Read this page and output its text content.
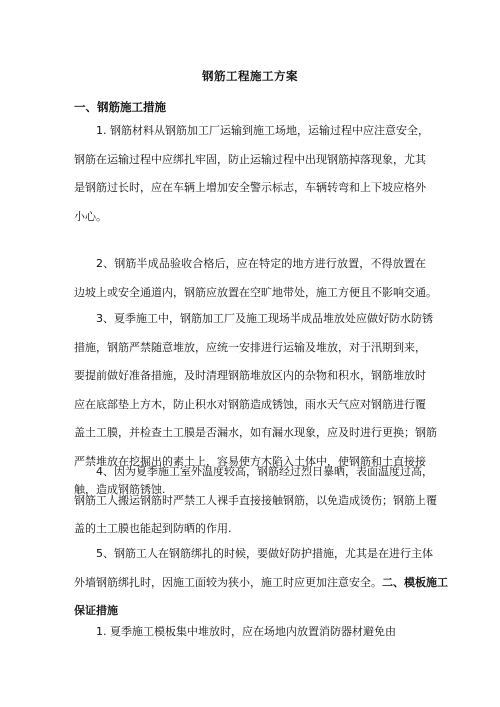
钢筋工程施工方案
一、钢筋施工措施
1. 钢筋材料从钢筋加工厂运输到施工场地，运输过程中应注意安全，
钢筋在运输过程中应绑扎牢固，防止运输过程中出现钢筋掉落现象，尤其
是钢筋过长时，应在车辆上增加安全警示标志，车辆转弯和上下坡应格外
小心。
2、钢筋半成品验收合格后，应在特定的地方进行放置，不得放置在
边坡上或安全通道内，钢筋应放置在空旷地带处，施工方便且不影响交通。
3、夏季施工中，钢筋加工厂及施工现场半成品堆放处应做好防水防锈
措施，钢筋严禁随意堆放，应统一安排进行运输及堆放，对于汛期到来，
要提前做好准备措施，及时清理钢筋堆放区内的杂物和积水，钢筋堆放时
应在底部垫上方木，防止积水对钢筋造成锈蚀，雨水天气应对钢筋进行覆
盖土工膜，并检查土工膜是否漏水，如有漏水现象，应及时进行更换；钢筋
严禁堆放在挖掘出的素土上，容易使方木陷入土体中，使钢筋和土直接接
触，造成钢筋锈蚀.
4、因为夏季施工室外温度较高，钢筋经过烈日暴晒，表面温度过高，
钢筋工人搬运钢筋时严禁工人裸手直接接触钢筋，以免造成烫伤；钢筋上覆
盖的土工膜也能起到防晒的作用.
5、钢筋工人在钢筋绑扎的时候，要做好防护措施，尤其是在进行主体
外墙钢筋绑扎时，因施工面较为狭小，施工时应更加注意安全。二、模板施工
保证措施
1. 夏季施工模板集中堆放时，应在场地内放置消防器材避免由
